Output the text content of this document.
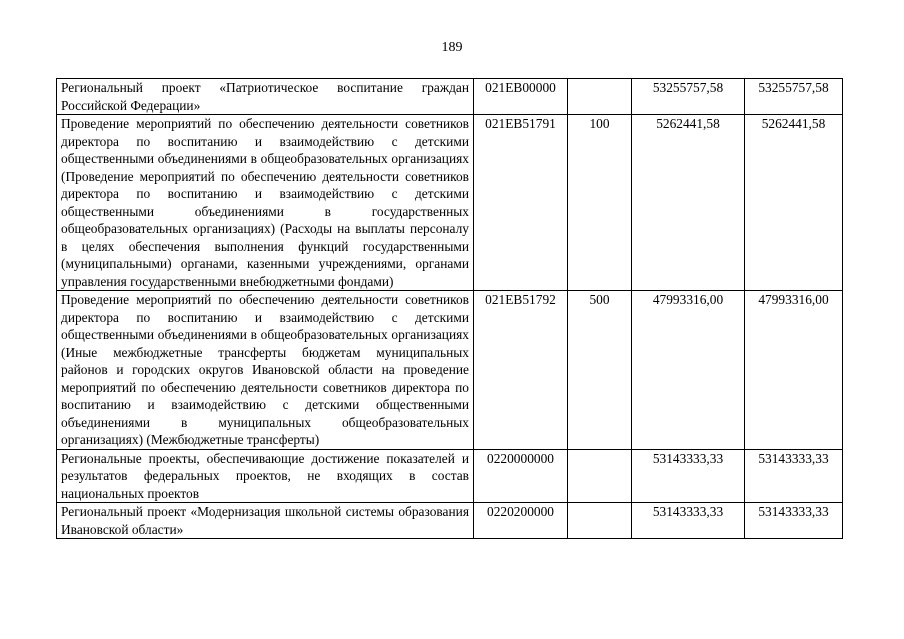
189
Региональный проект «Патриотическое воспитание граждан Российской Федерации»	021EB00000		53255757,58	53255757,58
Проведение мероприятий по обеспечению деятельности советников директора по воспитанию и взаимодействию с детскими общественными объединениями в общеобразовательных организациях (Проведение мероприятий по обеспечению деятельности советников директора по воспитанию и взаимодействию с детскими общественными объединениями в государственных общеобразовательных организациях) (Расходы на выплаты персоналу в целях обеспечения выполнения функций государственными (муниципальными) органами, казенными учреждениями, органами управления государственными внебюджетными фондами)	021EB51791	100	5262441,58	5262441,58
Проведение мероприятий по обеспечению деятельности советников директора по воспитанию и взаимодействию с детскими общественными объединениями в общеобразовательных организациях (Иные межбюджетные трансферты бюджетам муниципальных районов и городских округов Ивановской области на проведение мероприятий по обеспечению деятельности советников директора по воспитанию и взаимодействию с детскими общественными объединениями в муниципальных общеобразовательных организациях) (Межбюджетные трансферты)	021EB51792	500	47993316,00	47993316,00
Региональные проекты, обеспечивающие достижение показателей и результатов федеральных проектов, не входящих в состав национальных проектов	0220000000		53143333,33	53143333,33
Региональный проект «Модернизация школьной системы образования Ивановской области»	0220200000		53143333,33	53143333,33
